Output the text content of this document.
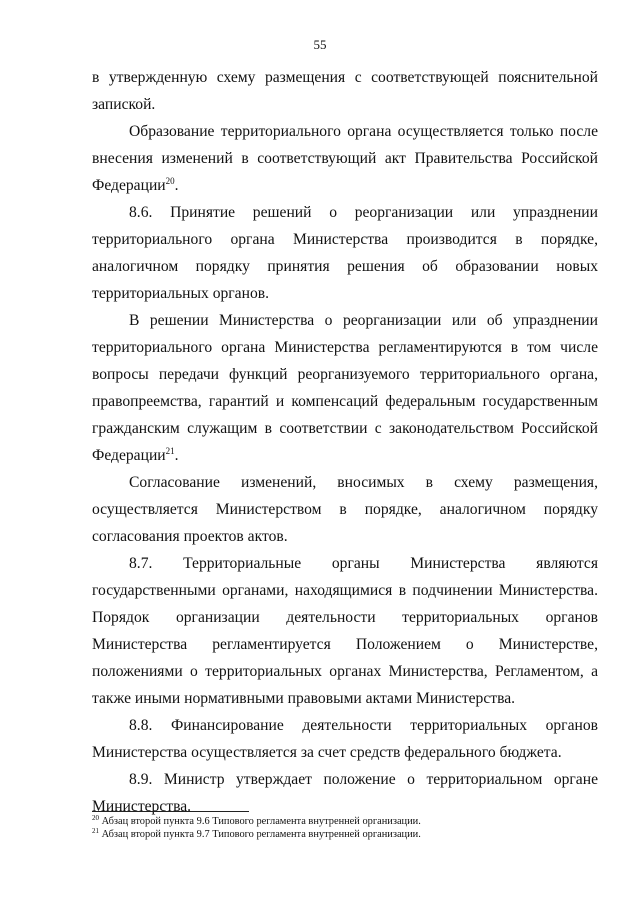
55

в утвержденную схему размещения с соответствующей пояснительной запиской.

Образование территориального органа осуществляется только после внесения изменений в соответствующий акт Правительства Российской Федерации$^{20}$.

8.6. Принятие решений о реорганизации или упразднении территориального органа Министерства производится в порядке, аналогичном порядку принятия решения об образовании новых территориальных органов.

В решении Министерства о реорганизации или об упразднении территориального органа Министерства регламентируются в том числе вопросы передачи функций реорганизуемого территориального органа, правопреемства, гарантий и компенсаций федеральным государственным гражданским служащим в соответствии с законодательством Российской Федерации$^{21}$.

Согласование изменений, вносимых в схему размещения, осуществляется Министерством в порядке, аналогичном порядку согласования проектов актов.

8.7. Территориальные органы Министерства являются государственными органами, находящимися в подчинении Министерства. Порядок организации деятельности территориальных органов Министерства регламентируется Положением о Министерстве, положениями о территориальных органах Министерства, Регламентом, а также иными нормативными правовыми актами Министерства.

8.8. Финансирование деятельности территориальных органов Министерства осуществляется за счет средств федерального бюджета.

8.9. Министр утверждает положение о территориальном органе Министерства.

$^{20}$ Абзац второй пункта 9.6 Типового регламента внутренней организации.

$^{21}$ Абзац второй пункта 9.7 Типового регламента внутренней организации.
